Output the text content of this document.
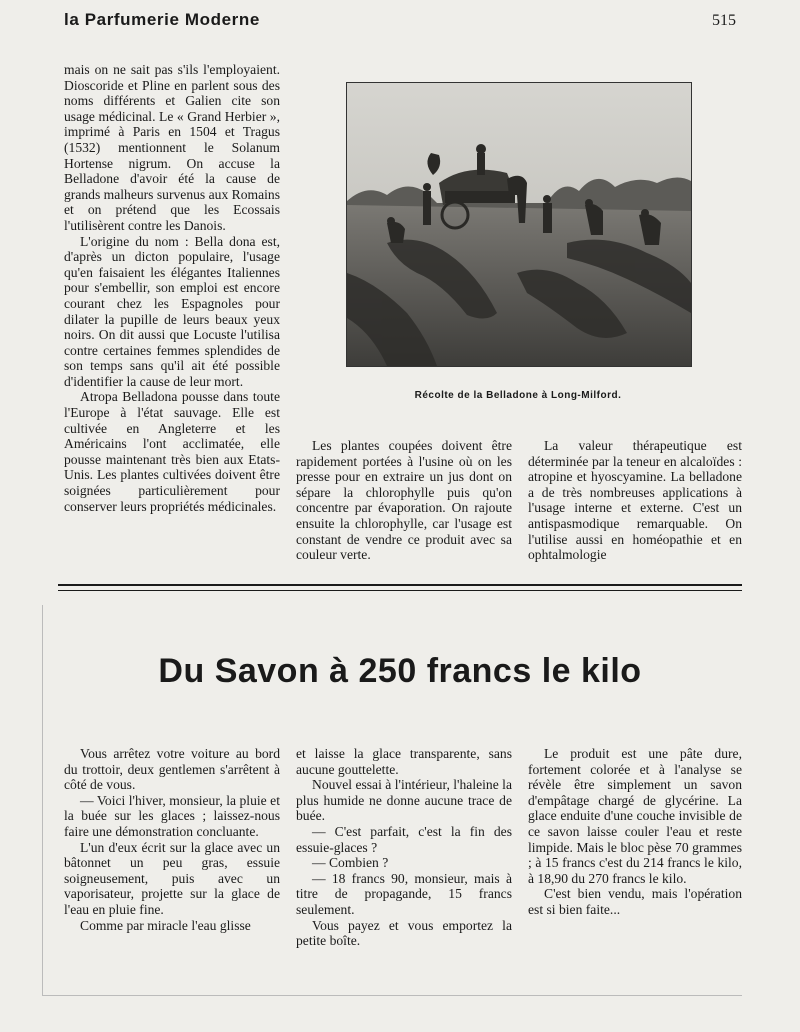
la Parfumerie Moderne	515

mais on ne sait pas s'ils l'employaient. Dioscoride et Pline en parlent sous des noms différents et Galien cite son usage médicinal. Le « Grand Herbier », imprimé à Paris en 1504 et Tragus (1532) mentionnent le Solanum Hortense nigrum. On accuse la Belladone d'avoir été la cause de grands malheurs survenus aux Romains et on prétend que les Ecossais l'utilisèrent contre les Danois.

L'origine du nom : Bella dona est, d'après un dicton populaire, l'usage qu'en faisaient les élégantes Italiennes pour s'embellir, son emploi est encore courant chez les Espagnoles pour dilater la pupille de leurs beaux yeux noirs. On dit aussi que Locuste l'utilisa contre certaines femmes splendides de son temps sans qu'il ait été possible d'identifier la cause de leur mort.

Atropa Belladona pousse dans toute l'Europe à l'état sauvage. Elle est cultivée en Angleterre et les Américains l'ont acclimatée, elle pousse maintenant très bien aux Etats-Unis. Les plantes cultivées doivent être soignées particulièrement pour conserver leurs propriétés médicinales.

Récolte de la Belladone à Long-Milford.

Les plantes coupées doivent être rapidement portées à l'usine où on les presse pour en extraire un jus dont on sépare la chlorophylle puis qu'on concentre par évaporation. On rajoute ensuite la chlorophylle, car l'usage est constant de vendre ce produit avec sa couleur verte.

La valeur thérapeutique est déterminée par la teneur en alcaloïdes : atropine et hyoscyamine. La belladone a de très nombreuses applications à l'usage interne et externe. C'est un antispasmodique remarquable. On l'utilise aussi en homéopathie et en ophtalmologie

Du Savon à 250 francs le kilo

Vous arrêtez votre voiture au bord du trottoir, deux gentlemen s'arrêtent à côté de vous.

— Voici l'hiver, monsieur, la pluie et la buée sur les glaces ; laissez-nous faire une démonstration concluante.

L'un d'eux écrit sur la glace avec un bâtonnet un peu gras, essuie soigneusement, puis avec un vaporisateur, projette sur la glace de l'eau en pluie fine.

Comme par miracle l'eau glisse

et laisse la glace transparente, sans aucune gouttelette.

Nouvel essai à l'intérieur, l'haleine la plus humide ne donne aucune trace de buée.

— C'est parfait, c'est la fin des essuie-glaces ?

— Combien ?

— 18 francs 90, monsieur, mais à titre de propagande, 15 francs seulement.

Vous payez et vous emportez la petite boîte.

Le produit est une pâte dure, fortement colorée et à l'analyse se révèle être simplement un savon d'empâtage chargé de glycérine. La glace enduite d'une couche invisible de ce savon laisse couler l'eau et reste limpide. Mais le bloc pèse 70 grammes ; à 15 francs c'est du 214 francs le kilo, à 18,90 du 270 francs le kilo.

C'est bien vendu, mais l'opération est si bien faite...
